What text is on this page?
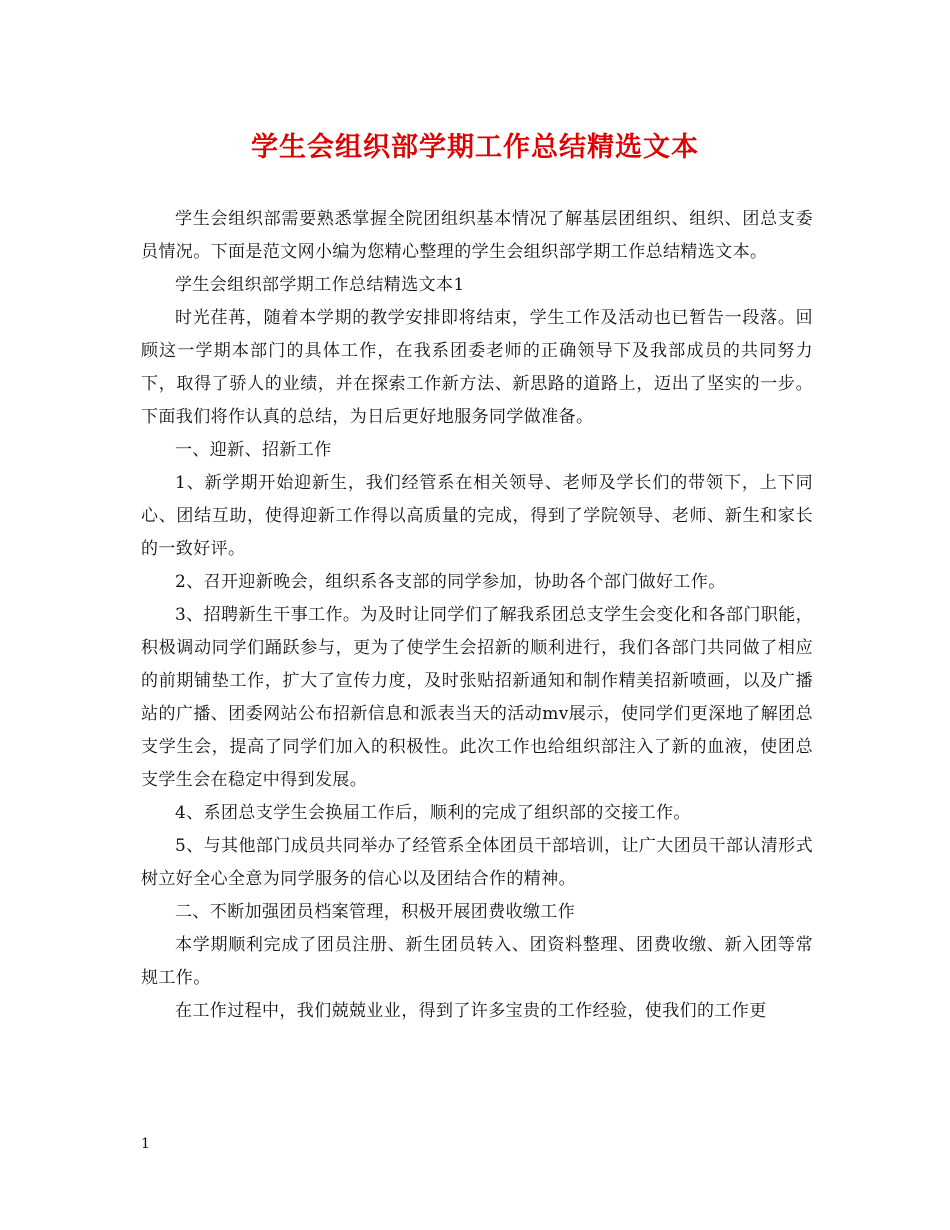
学生会组织部学期工作总结精选文本

学生会组织部需要熟悉掌握全院团组织基本情况了解基层团组织、组织、团总支委员情况。下面是范文网小编为您精心整理的学生会组织部学期工作总结精选文本。

学生会组织部学期工作总结精选文本1

时光荏苒，随着本学期的教学安排即将结束，学生工作及活动也已暂告一段落。回顾这一学期本部门的具体工作，在我系团委老师的正确领导下及我部成员的共同努力下，取得了骄人的业绩，并在探索工作新方法、新思路的道路上，迈出了坚实的一步。下面我们将作认真的总结，为日后更好地服务同学做准备。

一、迎新、招新工作

1、新学期开始迎新生，我们经管系在相关领导、老师及学长们的带领下，上下同心、团结互助，使得迎新工作得以高质量的完成，得到了学院领导、老师、新生和家长的一致好评。

2、召开迎新晚会，组织系各支部的同学参加，协助各个部门做好工作。

3、招聘新生干事工作。为及时让同学们了解我系团总支学生会变化和各部门职能，积极调动同学们踊跃参与，更为了使学生会招新的顺利进行，我们各部门共同做了相应的前期铺垫工作，扩大了宣传力度，及时张贴招新通知和制作精美招新喷画，以及广播站的广播、团委网站公布招新信息和派表当天的活动mv展示，使同学们更深地了解团总支学生会，提高了同学们加入的积极性。此次工作也给组织部注入了新的血液，使团总支学生会在稳定中得到发展。

4、系团总支学生会换届工作后，顺利的完成了组织部的交接工作。

5、与其他部门成员共同举办了经管系全体团员干部培训，让广大团员干部认清形式树立好全心全意为同学服务的信心以及团结合作的精神。

二、不断加强团员档案管理，积极开展团费收缴工作

本学期顺利完成了团员注册、新生团员转入、团资料整理、团费收缴、新入团等常规工作。

在工作过程中，我们兢兢业业，得到了许多宝贵的工作经验，使我们的工作更

1
